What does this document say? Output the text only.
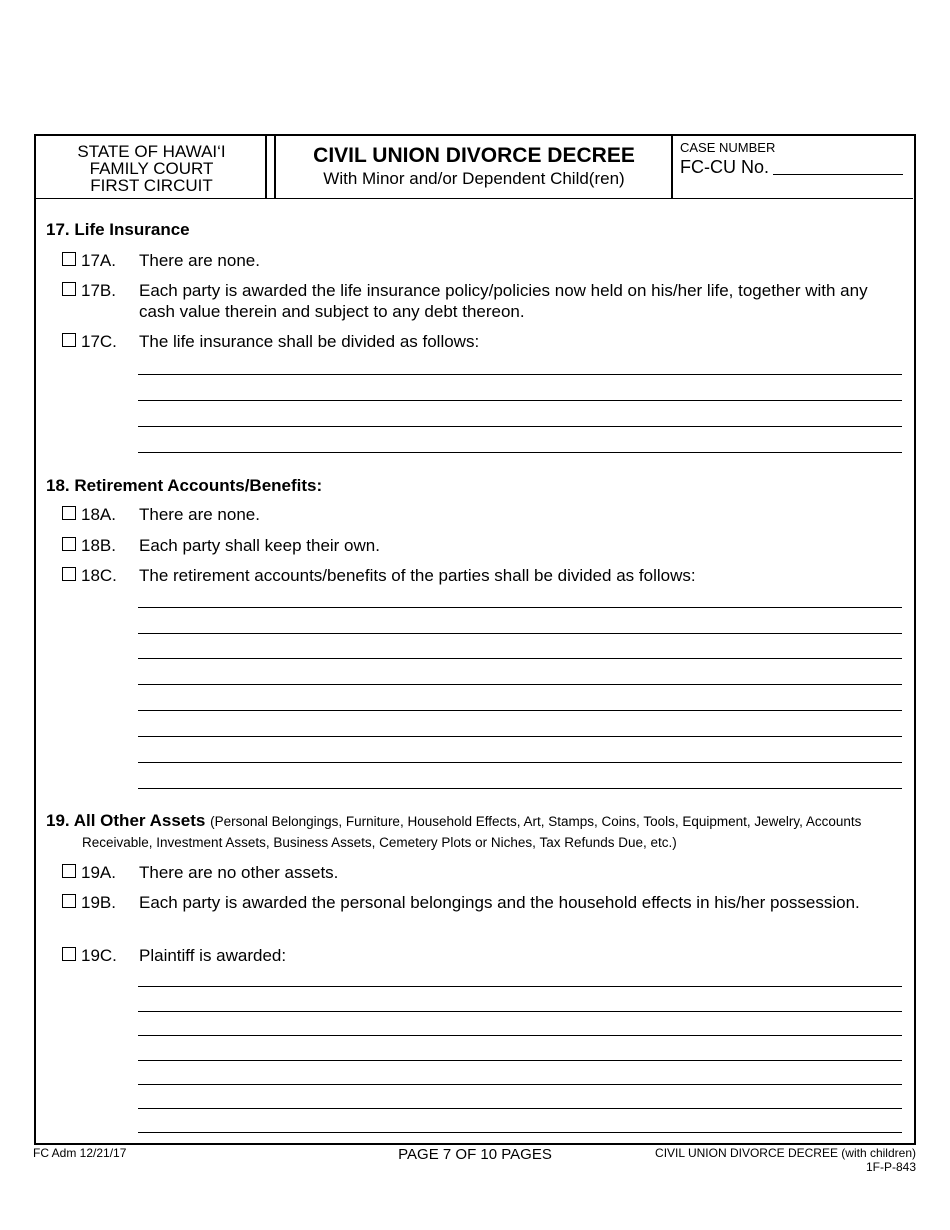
STATE OF HAWAI‘I
FAMILY COURT
FIRST CIRCUIT
CIVIL UNION DIVORCE DECREE
With Minor and/or Dependent Child(ren)
CASE NUMBER
FC-CU No.
17. Life Insurance
17A. There are none.
17B. Each party is awarded the life insurance policy/policies now held on his/her life, together with any cash value therein and subject to any debt thereon.
17C. The life insurance shall be divided as follows:
18. Retirement Accounts/Benefits:
18A. There are none.
18B. Each party shall keep their own.
18C. The retirement accounts/benefits of the parties shall be divided as follows:
19. All Other Assets (Personal Belongings, Furniture, Household Effects, Art, Stamps, Coins, Tools, Equipment, Jewelry, Accounts
Receivable, Investment Assets, Business Assets, Cemetery Plots or Niches, Tax Refunds Due, etc.)
19A. There are no other assets.
19B. Each party is awarded the personal belongings and the household effects in his/her possession.
19C. Plaintiff is awarded:
FC Adm 12/21/17	PAGE 7 OF 10 PAGES	CIVIL UNION DIVORCE DECREE (with children)
1F-P-843
